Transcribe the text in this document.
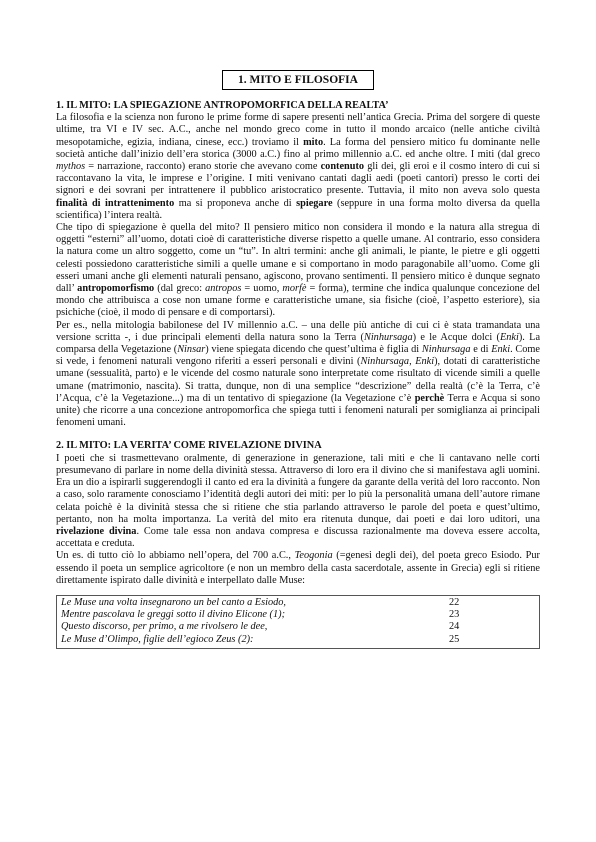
1. MITO E FILOSOFIA

1. IL MITO: LA SPIEGAZIONE ANTROPOMORFICA DELLA REALTA’

La filosofia e la scienza non furono le prime forme di sapere presenti nell’antica Grecia. Prima del sorgere di queste ultime, tra VI e IV sec. A.C., anche nel mondo greco come in tutto il mondo arcaico (nelle antiche civiltà mesopotamiche, egizia, indiana, cinese, ecc.) troviamo il mito. La forma del pensiero mitico fu dominante nelle società antiche dall’inizio dell’era storica (3000 a.C.) fino al primo millennio a.C. ed anche oltre. I miti (dal greco mythos = narrazione, racconto) erano storie che avevano come contenuto gli dei, gli eroi e il cosmo intero di cui si raccontavano la vita, le imprese e l’origine. I miti venivano cantati dagli aedi (poeti cantori) presso le corti dei signori e dei sovrani per intrattenere il pubblico aristocratico presente. Tuttavia, il mito non aveva solo questa finalità di intrattenimento ma si proponeva anche di spiegare (seppure in una forma molto diversa da quella scientifica) l’intera realtà.

Che tipo di spiegazione è quella del mito? Il pensiero mitico non considera il mondo e la natura alla stregua di oggetti “esterni” all’uomo, dotati cioè di caratteristiche diverse rispetto a quelle umane. Al contrario, esso considera la natura come un altro soggetto, come un “tu”. In altri termini: anche gli animali, le piante, le pietre e gli oggetti celesti possiedono caratteristiche simili a quelle umane e si comportano in modo paragonabile all’uomo. Come gli esseri umani anche gli elementi naturali pensano, agiscono, provano sentimenti. Il pensiero mitico è dunque segnato dall’ antropomorfismo (dal greco: antropos = uomo, morfè = forma), termine che indica qualunque concezione del mondo che attribuisca a cose non umane forme e caratteristiche umane, sia fisiche (cioè, l’aspetto esteriore), sia psichiche (cioè, il modo di pensare e di comportarsi).

Per es., nella mitologia babilonese del IV millennio a.C. – una delle più antiche di cui ci è stata tramandata una versione scritta -, i due principali elementi della natura sono la Terra (Ninhursaga) e le Acque dolci (Enki). La comparsa della Vegetazione (Ninsar) viene spiegata dicendo che quest’ultima è figlia di Ninhursaga e di Enki. Come si vede, i fenomeni naturali vengono riferiti a esseri personali e divini (Ninhursaga, Enki), dotati di caratteristiche umane (sessualità, parto) e le vicende del cosmo naturale sono interpretate come risultato di vicende simili a quelle umane (matrimonio, nascita). Si tratta, dunque, non di una semplice “descrizione” della realtà (c’è la Terra, c’è l’Acqua, c’è la Vegetazione...) ma di un tentativo di spiegazione (la Vegetazione c’è perchè Terra e Acqua si sono unite) che ricorre a una concezione antropomorfica che spiega tutti i fenomeni naturali per somiglianza ai principali fenomeni umani.

2. IL MITO: LA VERITA’ COME RIVELAZIONE DIVINA

I poeti che si trasmettevano oralmente, di generazione in generazione, tali miti e che li cantavano nelle corti presumevano di parlare in nome della divinità stessa. Attraverso di loro era il divino che si manifestava agli uomini. Era un dio a ispirarli suggerendogli il canto ed era la divinità a fungere da garante della verità del loro racconto. Non a caso, solo raramente conosciamo l’identità degli autori dei miti: per lo più la personalità umana dell’autore rimane celata poichè è la divinità stessa che si ritiene che stia parlando attraverso le parole del poeta e quest’ultimo, pertanto, non ha molta importanza. La verità del mito era ritenuta dunque, dai poeti e dai loro uditori, una rivelazione divina. Come tale essa non andava compresa e discussa razionalmente ma doveva essere accolta, accettata e creduta.

Un es. di tutto ciò lo abbiamo nell’opera, del 700 a.C., Teogonia (=genesi degli dei), del poeta greco Esiodo. Pur essendo il poeta un semplice agricoltore (e non un membro della casta sacerdotale, assente in Grecia) egli si ritiene direttamente ispirato dalle divinità e interpellato dalle Muse:

Le Muse una volta insegnarono un bel canto a Esiodo,	22
Mentre pascolava le greggi sotto il divino Elicone (1);	23
Questo discorso, per primo, a me rivolsero le dee,	24
Le Muse d’Olimpo, figlie dell’egioco Zeus (2):	25
